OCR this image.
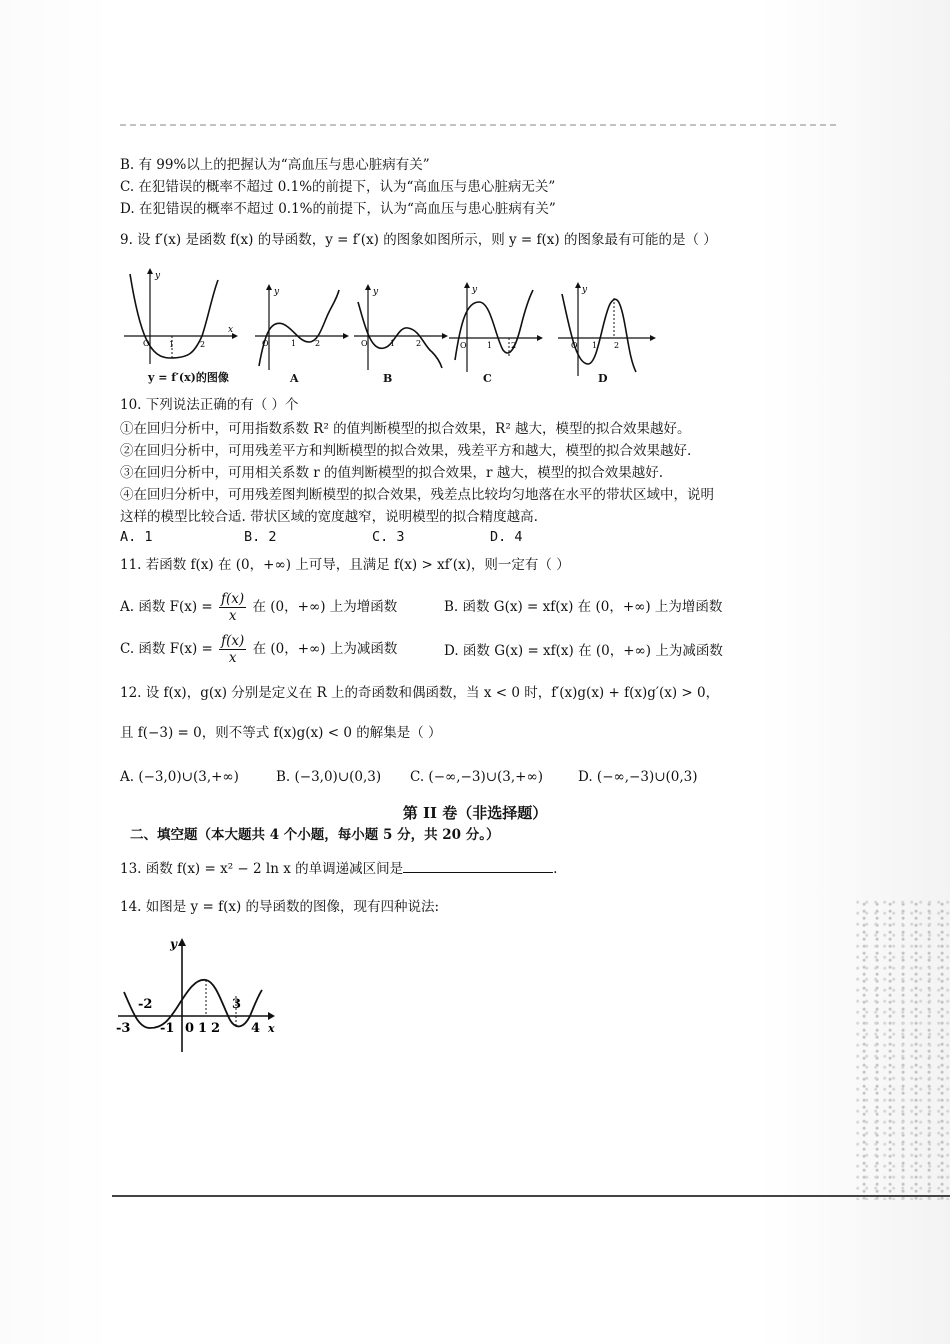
B. 有 99%以上的把握认为“高血压与患心脏病有关”
C. 在犯错误的概率不超过 0.1%的前提下，认为“高血压与患心脏病无关”
D. 在犯错误的概率不超过 0.1%的前提下，认为“高血压与患心脏病有关”
9. 设 f′(x) 是函数 f(x) 的导函数，y = f′(x) 的图象如图所示，则 y = f(x) 的图象最有可能的是（ ）
O 1	2
y
x
y = f′(x)的图像
O	1 2
y
A
O	1	2
y
B
O	1 2
y
C
O 1 2
y
D
10. 下列说法正确的有（ ）个
①在回归分析中，可用指数系数 R² 的值判断模型的拟合效果，R² 越大，模型的拟合效果越好。
②在回归分析中，可用残差平方和判断模型的拟合效果，残差平方和越大，模型的拟合效果越好.
③在回归分析中，可用相关系数 r 的值判断模型的拟合效果，r 越大，模型的拟合效果越好.
④在回归分析中，可用残差图判断模型的拟合效果，残差点比较均匀地落在水平的带状区域中，说明
这样的模型比较合适. 带状区域的宽度越窄，说明模型的拟合精度越高.
A. 1	B. 2	C. 3	D. 4
11. 若函数 f(x) 在 (0，+∞) 上可导，且满足 f(x) > xf′(x)，则一定有（ ）
A. 函数 $F(x) = \frac{f(x)}{x}$ 在 (0，+∞) 上为增函数	B. 函数 G(x) = xf(x) 在 (0，+∞) 上为增函数
C. 函数 $F(x) = \frac{f(x)}{x}$ 在 (0，+∞) 上为减函数	D. 函数 G(x) = xf(x) 在 (0，+∞) 上为减函数
12. 设 f(x)，g(x) 分别是定义在 R 上的奇函数和偶函数，当 x < 0 时，f′(x)g(x) + f(x)g′(x) > 0，
且 f(−3) = 0，则不等式 f(x)g(x) < 0 的解集是（ ）
A. (−3,0)∪(3,+∞)	B. (−3,0)∪(0,3) C. (−∞,−3)∪(3,+∞)	D. (−∞,−3)∪(0,3)
第 II 卷（非选择题）
二、填空题（本大题共 4 个小题，每小题 5 分，共 20 分。）
13. 函数 f(x) = x² − 2 ln x 的单调递减区间是	.
14. 如图是 y = f(x) 的导函数的图像，现有四种说法:
y
x
-3
-2
-1 0 1 2
3
4
